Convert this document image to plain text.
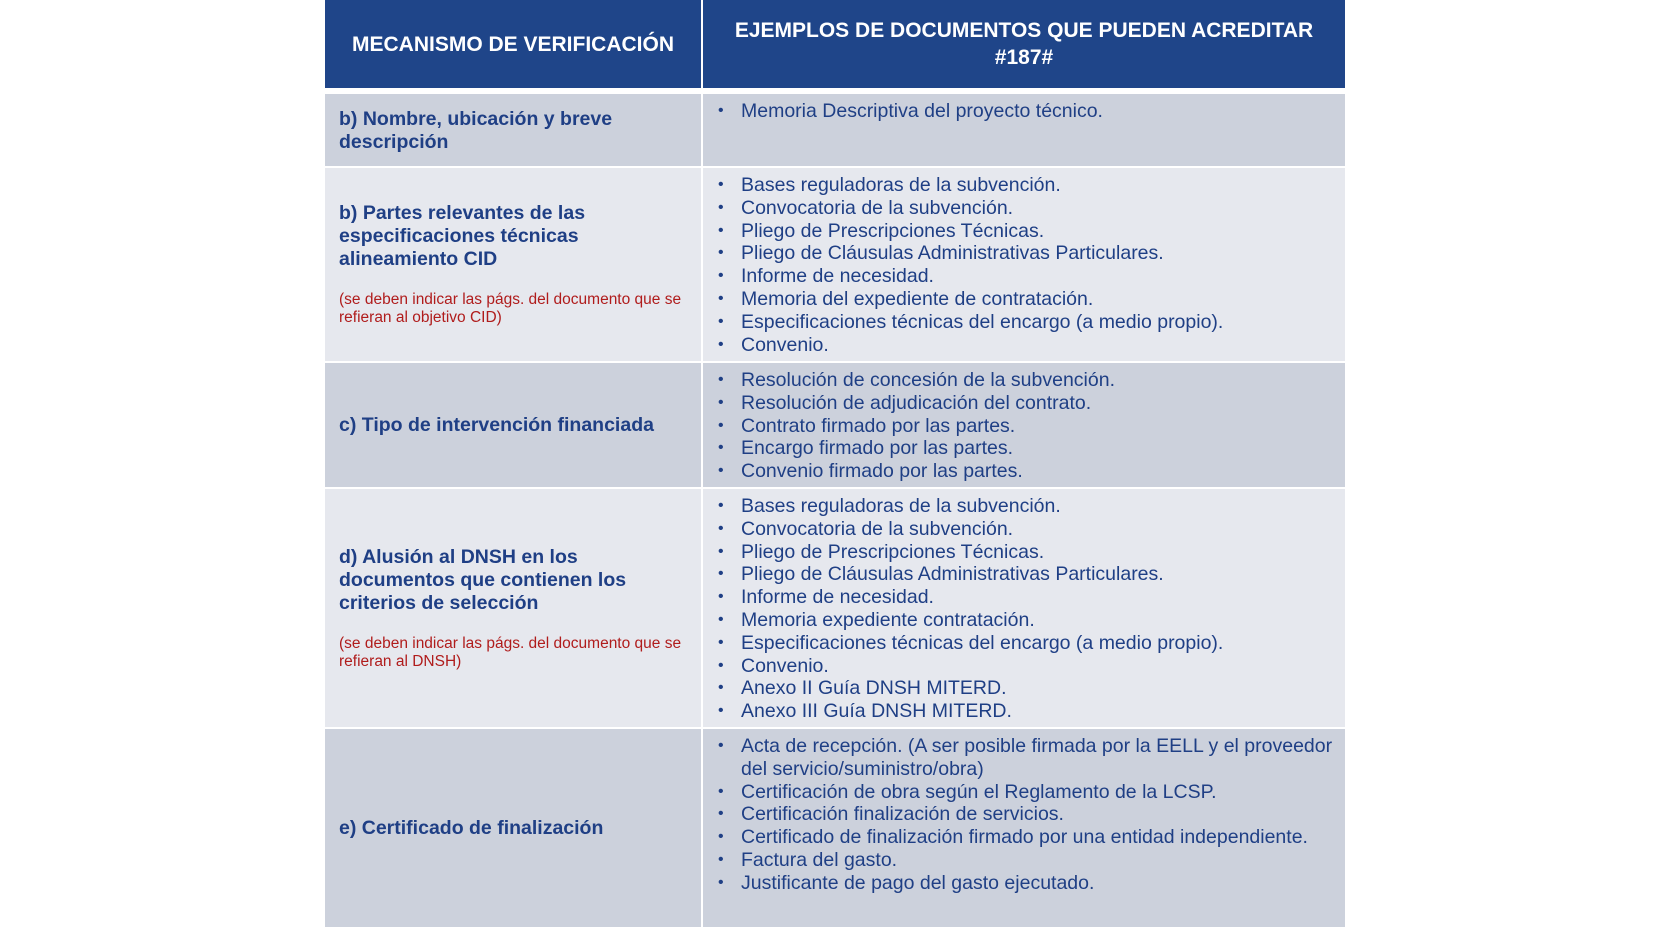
MECANISMO DE VERIFICACIÓN
EJEMPLOS DE DOCUMENTOS QUE PUEDEN ACREDITAR
#187#
b) Nombre, ubicación y breve descripción
• Memoria Descriptiva del proyecto técnico.
b) Partes relevantes de las especificaciones técnicas alineamiento CID
(se deben indicar las págs. del documento que se refieran al objetivo CID)
• Bases reguladoras de la subvención.
• Convocatoria de la subvención.
• Pliego de Prescripciones Técnicas.
• Pliego de Cláusulas Administrativas Particulares.
• Informe de necesidad.
• Memoria del expediente de contratación.
• Especificaciones técnicas del encargo (a medio propio).
• Convenio.
c) Tipo de intervención financiada
• Resolución de concesión de la subvención.
• Resolución de adjudicación del contrato.
• Contrato firmado por las partes.
• Encargo firmado por las partes.
• Convenio firmado por las partes.
d) Alusión al DNSH en los documentos que contienen los criterios de selección
(se deben indicar las págs. del documento que se refieran al DNSH)
• Bases reguladoras de la subvención.
• Convocatoria de la subvención.
• Pliego de Prescripciones Técnicas.
• Pliego de Cláusulas Administrativas Particulares.
• Informe de necesidad.
• Memoria expediente contratación.
• Especificaciones técnicas del encargo (a medio propio).
• Convenio.
• Anexo II Guía DNSH MITERD.
• Anexo III Guía DNSH MITERD.
e) Certificado de finalización
• Acta de recepción. (A ser posible firmada por la EELL y el proveedor del servicio/suministro/obra)
• Certificación de obra según el Reglamento de la LCSP.
• Certificación finalización de servicios.
• Certificado de finalización firmado por una entidad independiente.
• Factura del gasto.
• Justificante de pago del gasto ejecutado.
